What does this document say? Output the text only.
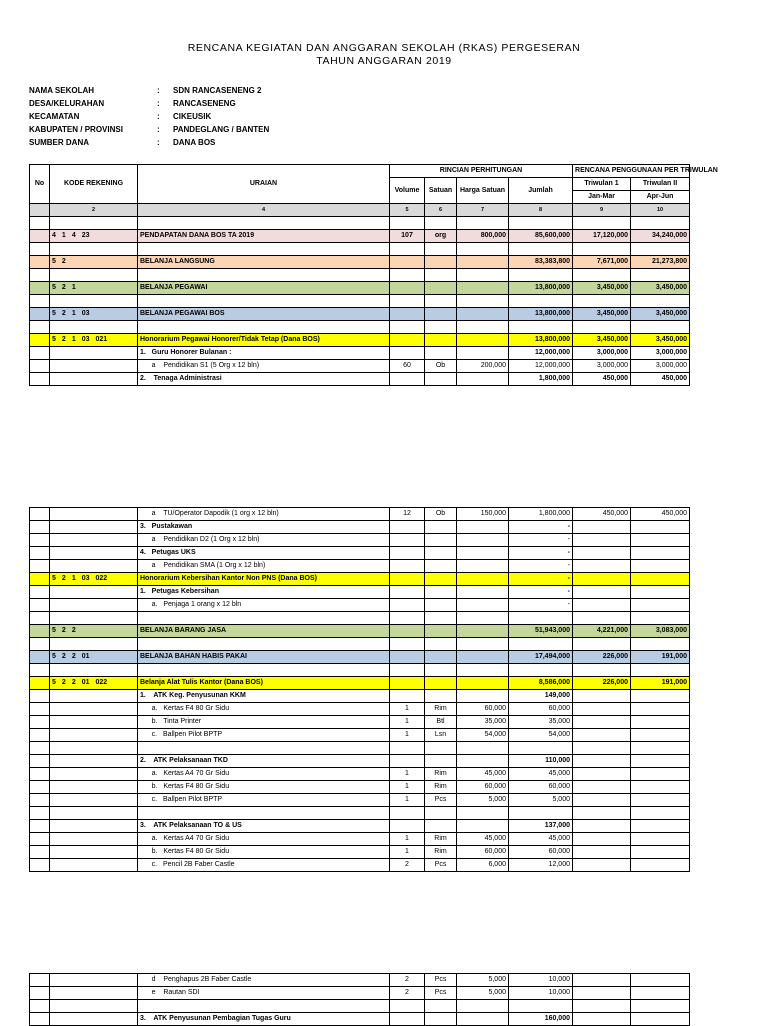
RENCANA KEGIATAN DAN ANGGARAN SEKOLAH (RKAS) PERGESERAN
TAHUN ANGGARAN 2019
NAMA SEKOLAH	: SDN RANCASENENG 2
DESA/KELURAHAN	: RANCASENENG
KECAMATAN	: CIKEUSIK
KABUPATEN / PROVINSI	: PANDEGLANG / BANTEN
SUMBER DANA	: DANA BOS
No	KODE REKENING	URAIAN	RINCIAN PERHITUNGAN				RENCANA PENGGUNAAN PER TRIWULAN	
			Volume	Satuan	Harga Satuan	Jumlah	Triwulan 1	Triwulan II
							Jan-Mar	Apr-Jun
	2	4	5	6	7	8	9	10

	4 1 4 23	PENDAPATAN DANA BOS TA 2019	107	org	800,000	85,600,000	17,120,000	34,240,000

	5 2	BELANJA LANGSUNG				83,383,800	7,671,000	21,273,800

	5 2 1	BELANJA PEGAWAI				13,800,000	3,450,000	3,450,000

	5 2 1 03	BELANJA PEGAWAI BOS				13,800,000	3,450,000	3,450,000

	5 2 1 03 021	Honorarium Pegawai Honorer/Tidak Tetap (Dana BOS)				13,800,000	3,450,000	3,450,000
		1.   Guru Honorer Bulanan :				12,000,000	3,000,000	3,000,000
		a    Pendidikan S1 (5 Org x 12 bln)	60	Ob	200,000	12,000,000	3,000,000	3,000,000
		2.    Tenaga Administrasi				1,800,000	450,000	450,000
		a    TU/Operator Dapodik (1 org x 12 bln)	12	Ob	150,000	1,800,000	450,000	450,000
		3.   Pustakawan				-		
		a    Pendidikan D2 (1 Org x 12 bln)				-		
		4.   Petugas UKS				-		
		a    Pendidikan SMA (1 Org x 12 bln)				-		
	5 2 1 03 022	Honorarium Kebersihan Kantor Non PNS (Dana BOS)				-		
		1.   Petugas Kebersihan				-		
		a.   Penjaga 1 orang x 12 bln				-		

	5 2 2	BELANJA BARANG JASA				51,943,000	4,221,000	3,083,000

	5 2 2 01	BELANJA BAHAN HABIS PAKAI				17,494,000	226,000	191,000

	5 2 2 01 022	Belanja Alat Tulis Kantor (Dana BOS)				8,586,000	226,000	191,000
		1.    ATK Keg. Penyusunan KKM				149,000		
		a.   Kertas F4 80 Gr Sidu	1	Rim	60,000	60,000		
		b.   Tinta Printer	1	Btl	35,000	35,000		
		c.   Ballpen Pilot BPTP	1	Lsn	54,000	54,000		

		2.    ATK Pelaksanaan TKD				110,000		
		a.   Kertas A4 70 Gr Sidu	1	Rim	45,000	45,000		
		b.   Kertas F4 80 Gr Sidu	1	Rim	60,000	60,000		
		c.   Ballpen Pilot BPTP	1	Pcs	5,000	5,000		

		3.    ATK Pelaksanaan TO & US				137,000		
		a.   Kertas A4 70 Gr Sidu	1	Rim	45,000	45,000		
		b.   Kertas F4 80 Gr Sidu	1	Rim	60,000	60,000		
		c.   Pencil 2B Faber Castle	2	Pcs	6,000	12,000		
		d    Penghapus 2B Faber Castle	2	Pcs	5,000	10,000		
		e    Rautan SDI	2	Pcs	5,000	10,000		

		3.    ATK Penyusunan Pembagian Tugas Guru				160,000		
